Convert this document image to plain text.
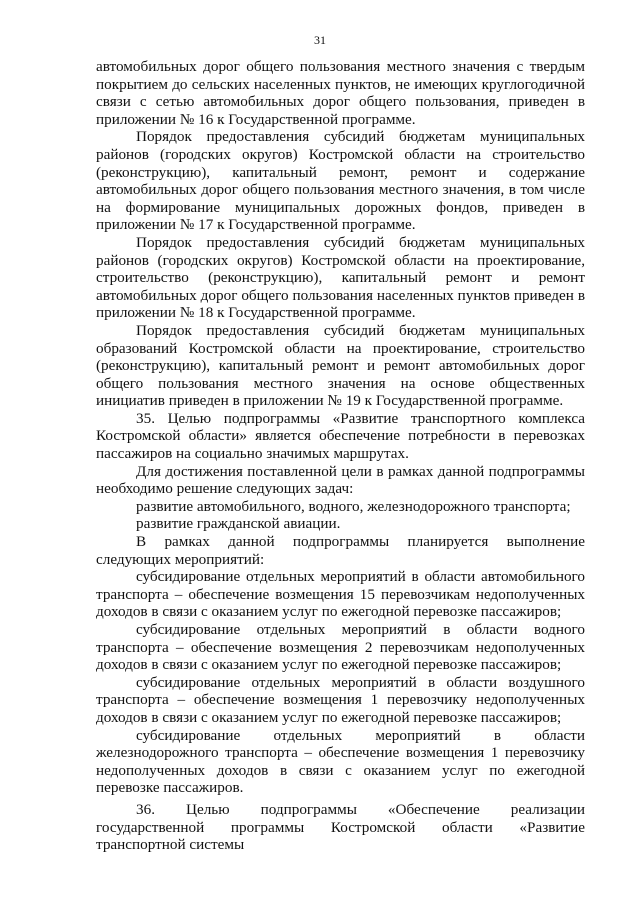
31

автомобильных дорог общего пользования местного значения с твердым покрытием до сельских населенных пунктов, не имеющих круглогодичной связи с сетью автомобильных дорог общего пользования, приведен в приложении № 16 к Государственной программе.

Порядок предоставления субсидий бюджетам муниципальных районов (городских округов) Костромской области на строительство (реконструкцию), капитальный ремонт, ремонт и содержание автомобильных дорог общего пользования местного значения, в том числе на формирование муниципальных дорожных фондов, приведен в приложении № 17 к Государственной программе.

Порядок предоставления субсидий бюджетам муниципальных районов (городских округов) Костромской области на проектирование, строительство (реконструкцию), капитальный ремонт и ремонт автомобильных дорог общего пользования населенных пунктов приведен в приложении № 18 к Государственной программе.

Порядок предоставления субсидий бюджетам муниципальных образований Костромской области на проектирование, строительство (реконструкцию), капитальный ремонт и ремонт автомобильных дорог общего пользования местного значения на основе общественных инициатив приведен в приложении № 19 к Государственной программе.

35. Целью подпрограммы «Развитие транспортного комплекса Костромской области» является обеспечение потребности в перевозках пассажиров на социально значимых маршрутах.

Для достижения поставленной цели в рамках данной подпрограммы необходимо решение следующих задач:

развитие автомобильного, водного, железнодорожного транспорта;

развитие гражданской авиации.

В рамках данной подпрограммы планируется выполнение следующих мероприятий:

субсидирование отдельных мероприятий в области автомобильного транспорта – обеспечение возмещения 15 перевозчикам недополученных доходов в связи с оказанием услуг по ежегодной перевозке пассажиров;

субсидирование отдельных мероприятий в области водного транспорта – обеспечение возмещения 2 перевозчикам недополученных доходов в связи с оказанием услуг по ежегодной перевозке пассажиров;

субсидирование отдельных мероприятий в области воздушного транспорта – обеспечение возмещения 1 перевозчику недополученных доходов в связи с оказанием услуг по ежегодной перевозке пассажиров;

субсидирование отдельных мероприятий в области железнодорожного транспорта – обеспечение возмещения 1 перевозчику недополученных доходов в связи с оказанием услуг по ежегодной перевозке пассажиров.

36. Целью подпрограммы «Обеспечение реализации государственной программы Костромской области «Развитие транспортной системы
